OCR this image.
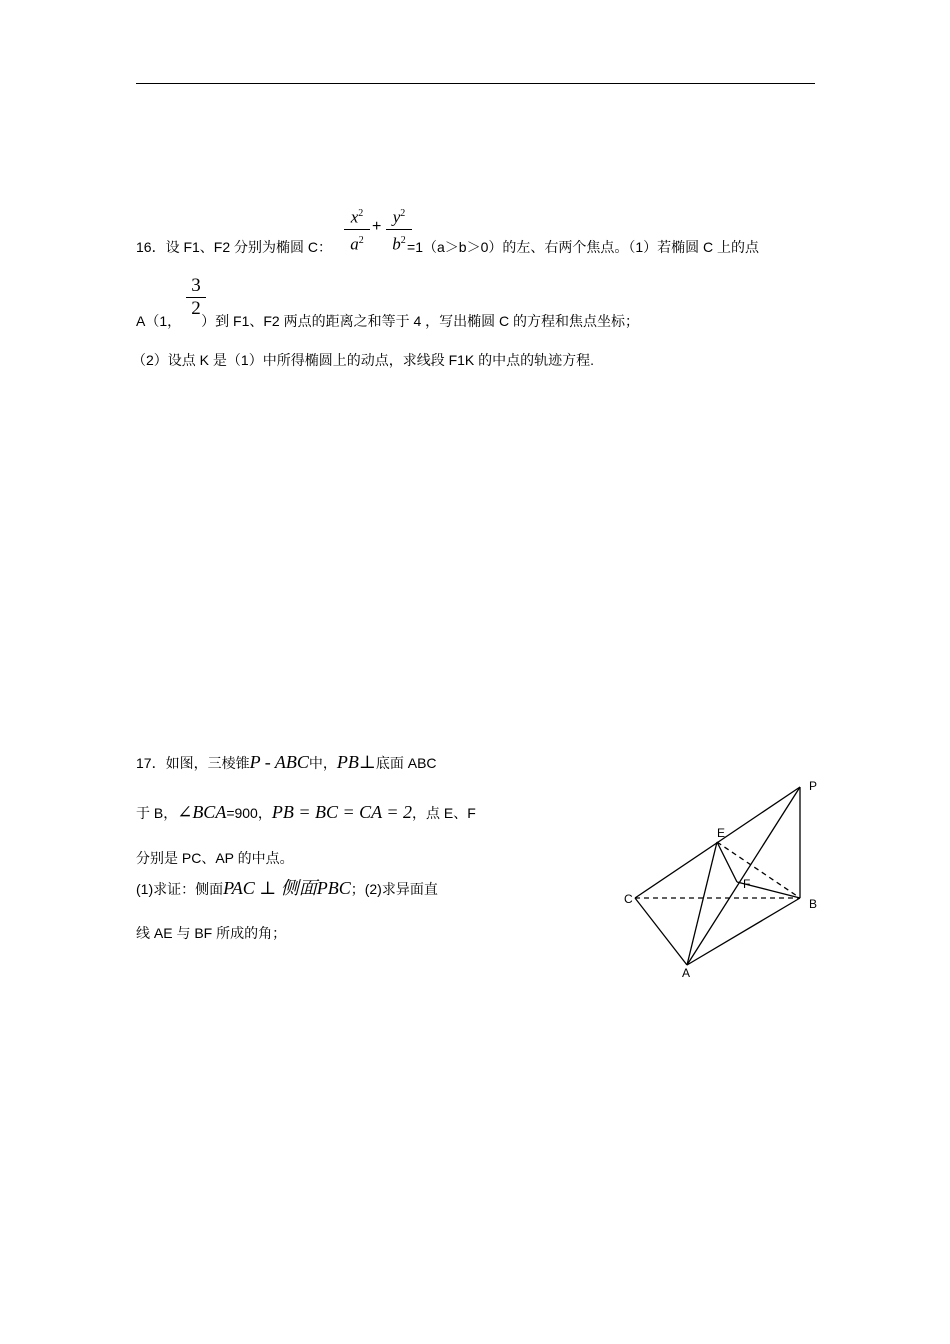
16．设 F1、F2 分别为椭圆 C：	=1（a＞b＞0）的左、右两个焦点。（1）若椭圆 C 上的点
$x^2$
$a^2$
+ $y^2$
$b^2$
A（1， ）到 F1、F2 两点的距离之和等于 4 ，写出椭圆 C 的方程和焦点坐标；
3
2
（2）设点 K 是（1）中所得椭圆上的动点，求线段 F1K 的中点的轨迹方程.
17．如图，三棱锥P - ABC中，PB⊥底面 ABC
于 B，∠BCA=900，PB = BC = CA = 2，点 E、F
分别是 PC、AP 的中点。
(1)求证：侧面PAC ⊥ 侧面PBC；(2)求异面直
线 AE 与 BF 所成的角；
P
E
F
C	B
A
